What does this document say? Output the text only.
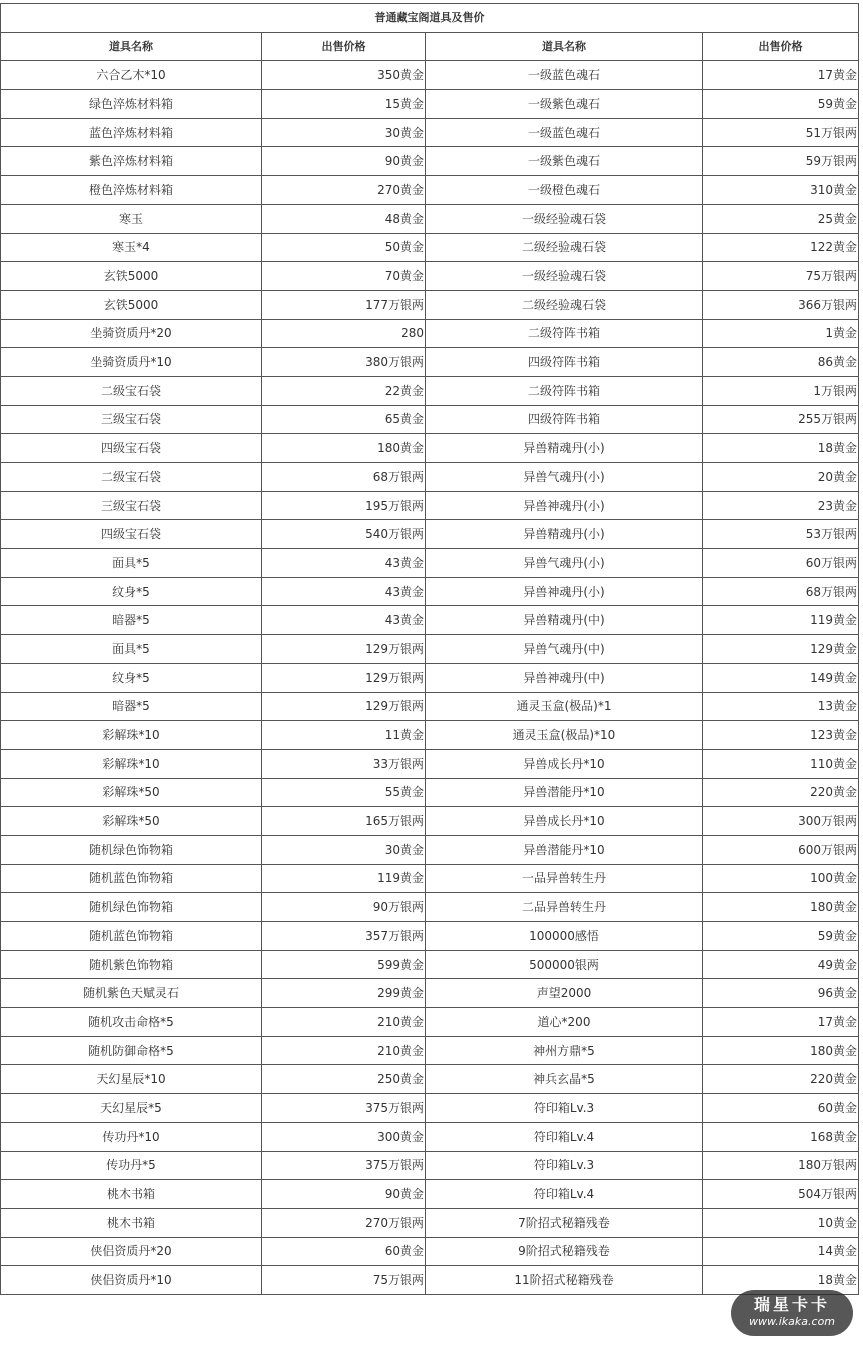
普通藏宝阁道具及售价			
道具名称	出售价格	道具名称	出售价格
六合乙木*10	350黄金	一级蓝色魂石	17黄金
绿色淬炼材料箱	15黄金	一级紫色魂石	59黄金
蓝色淬炼材料箱	30黄金	一级蓝色魂石	51万银两
紫色淬炼材料箱	90黄金	一级紫色魂石	59万银两
橙色淬炼材料箱	270黄金	一级橙色魂石	310黄金
寒玉	48黄金	一级经验魂石袋	25黄金
寒玉*4	50黄金	二级经验魂石袋	122黄金
玄铁5000	70黄金	一级经验魂石袋	75万银两
玄铁5000	177万银两	二级经验魂石袋	366万银两
坐骑资质丹*20	280	二级符阵书箱	1黄金
坐骑资质丹*10	380万银两	四级符阵书箱	86黄金
二级宝石袋	22黄金	二级符阵书箱	1万银两
三级宝石袋	65黄金	四级符阵书箱	255万银两
四级宝石袋	180黄金	异兽精魂丹(小)	18黄金
二级宝石袋	68万银两	异兽气魂丹(小)	20黄金
三级宝石袋	195万银两	异兽神魂丹(小)	23黄金
四级宝石袋	540万银两	异兽精魂丹(小)	53万银两
面具*5	43黄金	异兽气魂丹(小)	60万银两
纹身*5	43黄金	异兽神魂丹(小)	68万银两
暗器*5	43黄金	异兽精魂丹(中)	119黄金
面具*5	129万银两	异兽气魂丹(中)	129黄金
纹身*5	129万银两	异兽神魂丹(中)	149黄金
暗器*5	129万银两	通灵玉盒(极品)*1	13黄金
彩解珠*10	11黄金	通灵玉盒(极品)*10	123黄金
彩解珠*10	33万银两	异兽成长丹*10	110黄金
彩解珠*50	55黄金	异兽潜能丹*10	220黄金
彩解珠*50	165万银两	异兽成长丹*10	300万银两
随机绿色饰物箱	30黄金	异兽潜能丹*10	600万银两
随机蓝色饰物箱	119黄金	一品异兽转生丹	100黄金
随机绿色饰物箱	90万银两	二品异兽转生丹	180黄金
随机蓝色饰物箱	357万银两	100000感悟	59黄金
随机紫色饰物箱	599黄金	500000银两	49黄金
随机紫色天赋灵石	299黄金	声望2000	96黄金
随机攻击命格*5	210黄金	道心*200	17黄金
随机防御命格*5	210黄金	神州方鼎*5	180黄金
天幻星辰*10	250黄金	神兵玄晶*5	220黄金
天幻星辰*5	375万银两	符印箱Lv.3	60黄金
传功丹*10	300黄金	符印箱Lv.4	168黄金
传功丹*5	375万银两	符印箱Lv.3	180万银两
桃木书箱	90黄金	符印箱Lv.4	504万银两
桃木书箱	270万银两	7阶招式秘籍残卷	10黄金
侠侣资质丹*20	60黄金	9阶招式秘籍残卷	14黄金
侠侣资质丹*10	75万银两	11阶招式秘籍残卷	18黄金
瑞星卡卡
www.ikaka.com
